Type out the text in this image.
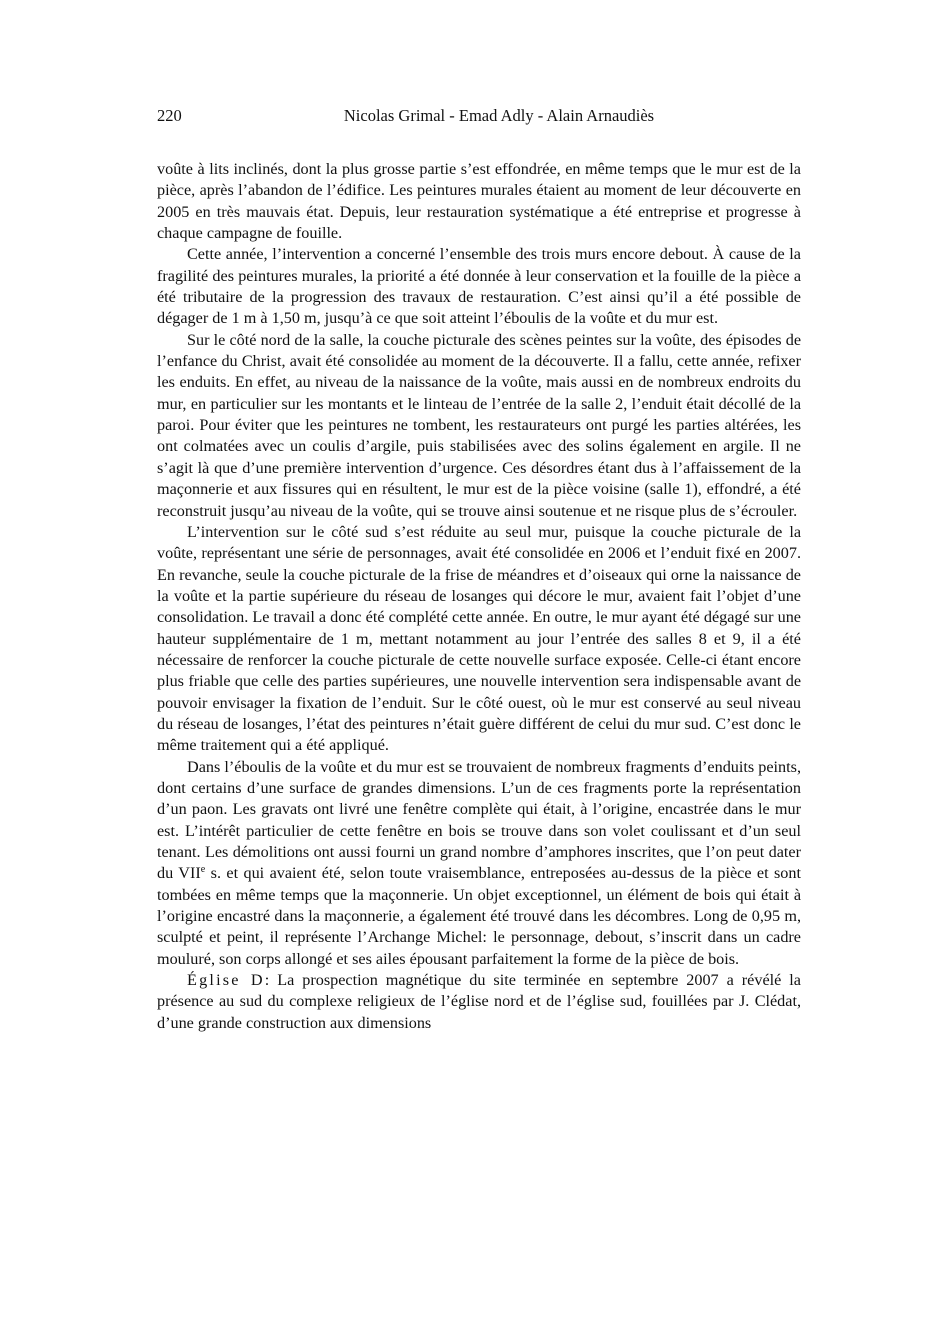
220	Nicolas Grimal - Emad Adly - Alain Arnaudiès

voûte à lits inclinés, dont la plus grosse partie s’est effondrée, en même temps que le mur est de la pièce, après l’abandon de l’édifice. Les peintures murales étaient au moment de leur découverte en 2005 en très mauvais état. Depuis, leur restauration systématique a été entreprise et progresse à chaque campagne de fouille.

Cette année, l’intervention a concerné l’ensemble des trois murs encore debout. À cause de la fragilité des peintures murales, la priorité a été donnée à leur conservation et la fouille de la pièce a été tributaire de la progression des travaux de restauration. C’est ainsi qu’il a été possible de dégager de 1 m à 1,50 m, jusqu’à ce que soit atteint l’éboulis de la voûte et du mur est.

Sur le côté nord de la salle, la couche picturale des scènes peintes sur la voûte, des épisodes de l’enfance du Christ, avait été consolidée au moment de la découverte. Il a fallu, cette année, refixer les enduits. En effet, au niveau de la naissance de la voûte, mais aussi en de nombreux endroits du mur, en particulier sur les montants et le linteau de l’entrée de la salle 2, l’enduit était décollé de la paroi. Pour éviter que les peintures ne tombent, les restaurateurs ont purgé les parties altérées, les ont colmatées avec un coulis d’argile, puis stabilisées avec des solins également en argile. Il ne s’agit là que d’une première intervention d’urgence. Ces désordres étant dus à l’affaissement de la maçonnerie et aux fissures qui en résultent, le mur est de la pièce voisine (salle 1), effondré, a été reconstruit jusqu’au niveau de la voûte, qui se trouve ainsi soutenue et ne risque plus de s’écrouler.

L’intervention sur le côté sud s’est réduite au seul mur, puisque la couche picturale de la voûte, représentant une série de personnages, avait été consolidée en 2006 et l’enduit fixé en 2007. En revanche, seule la couche picturale de la frise de méandres et d’oiseaux qui orne la naissance de la voûte et la partie supérieure du réseau de losanges qui décore le mur, avaient fait l’objet d’une consolidation. Le travail a donc été complété cette année. En outre, le mur ayant été dégagé sur une hauteur supplémentaire de 1 m, mettant notamment au jour l’entrée des salles 8 et 9, il a été nécessaire de renforcer la couche picturale de cette nouvelle surface exposée. Celle-ci étant encore plus friable que celle des parties supérieures, une nouvelle intervention sera indispensable avant de pouvoir envisager la fixation de l’enduit. Sur le côté ouest, où le mur est conservé au seul niveau du réseau de losanges, l’état des peintures n’était guère différent de celui du mur sud. C’est donc le même traitement qui a été appliqué.

Dans l’éboulis de la voûte et du mur est se trouvaient de nombreux fragments d’enduits peints, dont certains d’une surface de grandes dimensions. L’un de ces fragments porte la représentation d’un paon. Les gravats ont livré une fenêtre complète qui était, à l’origine, encastrée dans le mur est. L’intérêt particulier de cette fenêtre en bois se trouve dans son volet coulissant et d’un seul tenant. Les démolitions ont aussi fourni un grand nombre d’amphores inscrites, que l’on peut dater du VIIe s. et qui avaient été, selon toute vraisemblance, entreposées au-dessus de la pièce et sont tombées en même temps que la maçonnerie. Un objet exceptionnel, un élément de bois qui était à l’origine encastré dans la maçonnerie, a également été trouvé dans les décombres. Long de 0,95 m, sculpté et peint, il représente l’Archange Michel: le personnage, debout, s’inscrit dans un cadre mouluré, son corps allongé et ses ailes épousant parfaitement la forme de la pièce de bois.

Église D: La prospection magnétique du site terminée en septembre 2007 a révélé la présence au sud du complexe religieux de l’église nord et de l’église sud, fouillées par J. Clédat, d’une grande construction aux dimensions
